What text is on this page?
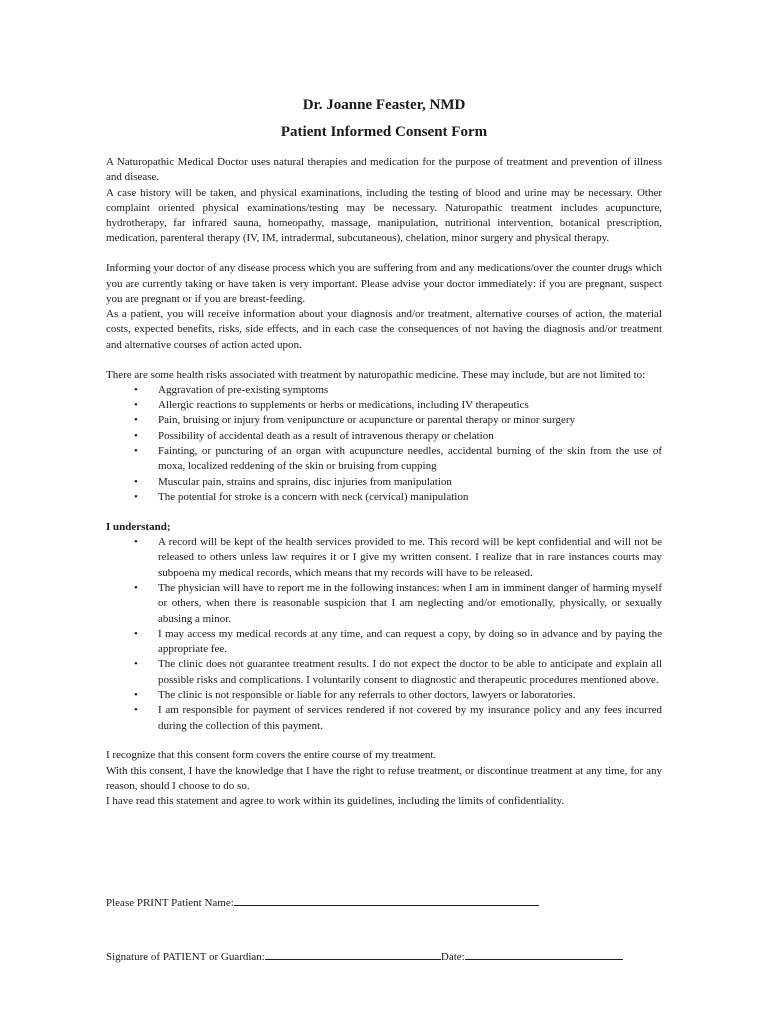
Dr. Joanne Feaster, NMD
Patient Informed Consent Form

A Naturopathic Medical Doctor uses natural therapies and medication for the purpose of treatment and prevention of illness and disease.

A case history will be taken, and physical examinations, including the testing of blood and urine may be necessary. Other complaint oriented physical examinations/testing may be necessary. Naturopathic treatment includes acupuncture, hydrotherapy, far infrared sauna, homeopathy, massage, manipulation, nutritional intervention, botanical prescription, medication, parenteral therapy (IV, IM, intradermal, subcutaneous), chelation, minor surgery and physical therapy.

Informing your doctor of any disease process which you are suffering from and any medications/over the counter drugs which you are currently taking or have taken is very important. Please advise your doctor immediately: if you are pregnant, suspect you are pregnant or if you are breast-feeding.

As a patient, you will receive information about your diagnosis and/or treatment, alternative courses of action, the material costs, expected benefits, risks, side effects, and in each case the consequences of not having the diagnosis and/or treatment and alternative courses of action acted upon.

There are some health risks associated with treatment by naturopathic medicine. These may include, but are not limited to:

• Aggravation of pre-existing symptoms
• Allergic reactions to supplements or herbs or medications, including IV therapeutics
• Pain, bruising or injury from venipuncture or acupuncture or parental therapy or minor surgery
• Possibility of accidental death as a result of intravenous therapy or chelation
• Fainting, or puncturing of an organ with acupuncture needles, accidental burning of the skin from the use of moxa, localized reddening of the skin or bruising from cupping
• Muscular pain, strains and sprains, disc injuries from manipulation
• The potential for stroke is a concern with neck (cervical) manipulation

I understand;

• A record will be kept of the health services provided to me. This record will be kept confidential and will not be released to others unless law requires it or I give my written consent. I realize that in rare instances courts may subpoena my medical records, which means that my records will have to be released.
• The physician will have to report me in the following instances: when I am in imminent danger of harming myself or others, when there is reasonable suspicion that I am neglecting and/or emotionally, physically, or sexually abusing a minor.
• I may access my medical records at any time, and can request a copy, by doing so in advance and by paying the appropriate fee.
• The clinic does not guarantee treatment results. I do not expect the doctor to be able to anticipate and explain all possible risks and complications. I voluntarily consent to diagnostic and therapeutic procedures mentioned above.
• The clinic is not responsible or liable for any referrals to other doctors, lawyers or laboratories.
• I am responsible for payment of services rendered if not covered by my insurance policy and any fees incurred during the collection of this payment.

I recognize that this consent form covers the entire course of my treatment.

With this consent, I have the knowledge that I have the right to refuse treatment, or discontinue treatment at any time, for any reason, should I choose to do so.

I have read this statement and agree to work within its guidelines, including the limits of confidentiality.

Please PRINT Patient Name:
Signature of PATIENT or Guardian:	Date:
